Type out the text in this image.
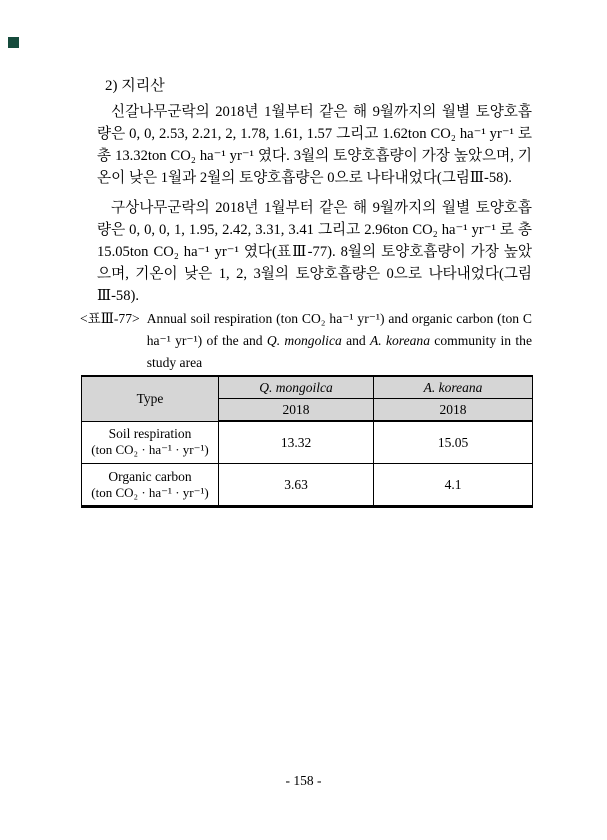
2) 지리산

신갈나무군락의 2018년 1월부터 같은 해 9월까지의 월별 토양호흡량은 0, 0, 2.53, 2.21, 2, 1.78, 1.61, 1.57 그리고 1.62ton CO₂ ha⁻¹ yr⁻¹ 로 총 13.32ton CO₂ ha⁻¹ yr⁻¹ 였다. 3월의 토양호흡량이 가장 높았으며, 기온이 낮은 1월과 2월의 토양호흡량은 0으로 나타내었다(그림Ⅲ-58).

구상나무군락의 2018년 1월부터 같은 해 9월까지의 월별 토양호흡량은 0, 0, 0, 1, 1.95, 2.42, 3.31, 3.41 그리고 2.96ton CO₂ ha⁻¹ yr⁻¹ 로 총 15.05ton CO₂ ha⁻¹ yr⁻¹ 였다(표Ⅲ-77). 8월의 토양호흡량이 가장 높았으며, 기온이 낮은 1, 2, 3월의 토양호흡량은 0으로 나타내었다(그림Ⅲ-58).

<표Ⅲ-77> Annual soil respiration (ton CO₂ ha⁻¹ yr⁻¹) and organic carbon (ton C ha⁻¹ yr⁻¹) of the and Q. mongolica and A. koreana community in the study area
Type	Q. mongoilca	A. koreana
	2018	2018

Soil respiration
(ton CO₂ · ha⁻¹ · yr⁻¹)	13.32	15.05

Organic carbon
(ton CO₂ · ha⁻¹ · yr⁻¹)	3.63	4.1
- 158 -
